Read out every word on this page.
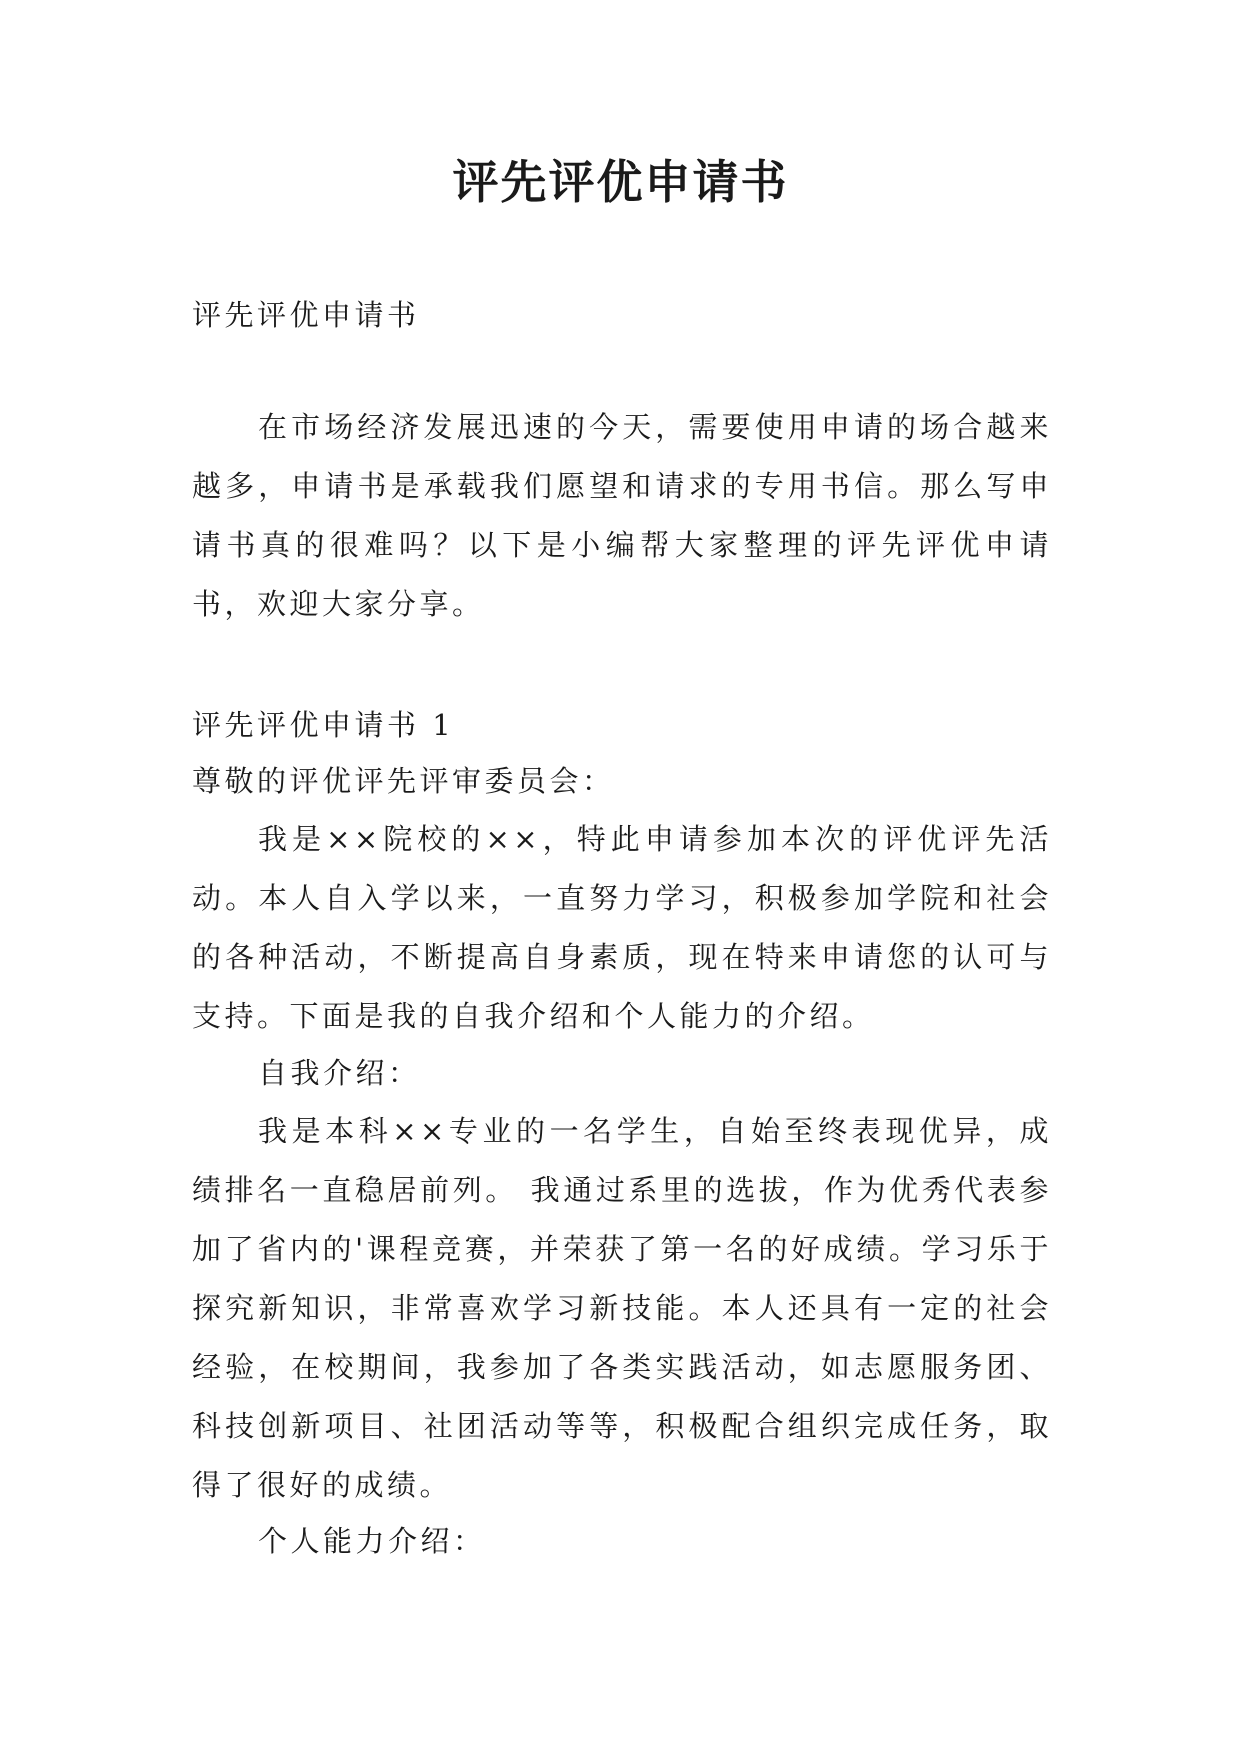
评先评优申请书

评先评优申请书

在市场经济发展迅速的今天，需要使用申请的场合越来越多，申请书是承载我们愿望和请求的专用书信。那么写申请书真的很难吗？以下是小编帮大家整理的评先评优申请书，欢迎大家分享。

评先评优申请书 1

尊敬的评优评先评审委员会：

我是××院校的××，特此申请参加本次的评优评先活动。本人自入学以来，一直努力学习，积极参加学院和社会的各种活动，不断提高自身素质，现在特来申请您的认可与支持。下面是我的自我介绍和个人能力的介绍。

自我介绍：

我是本科××专业的一名学生，自始至终表现优异，成绩排名一直稳居前列。 我通过系里的选拔，作为优秀代表参加了省内的'课程竞赛，并荣获了第一名的好成绩。学习乐于探究新知识，非常喜欢学习新技能。本人还具有一定的社会经验，在校期间，我参加了各类实践活动，如志愿服务团、科技创新项目、社团活动等等，积极配合组织完成任务，取得了很好的成绩。

个人能力介绍：
